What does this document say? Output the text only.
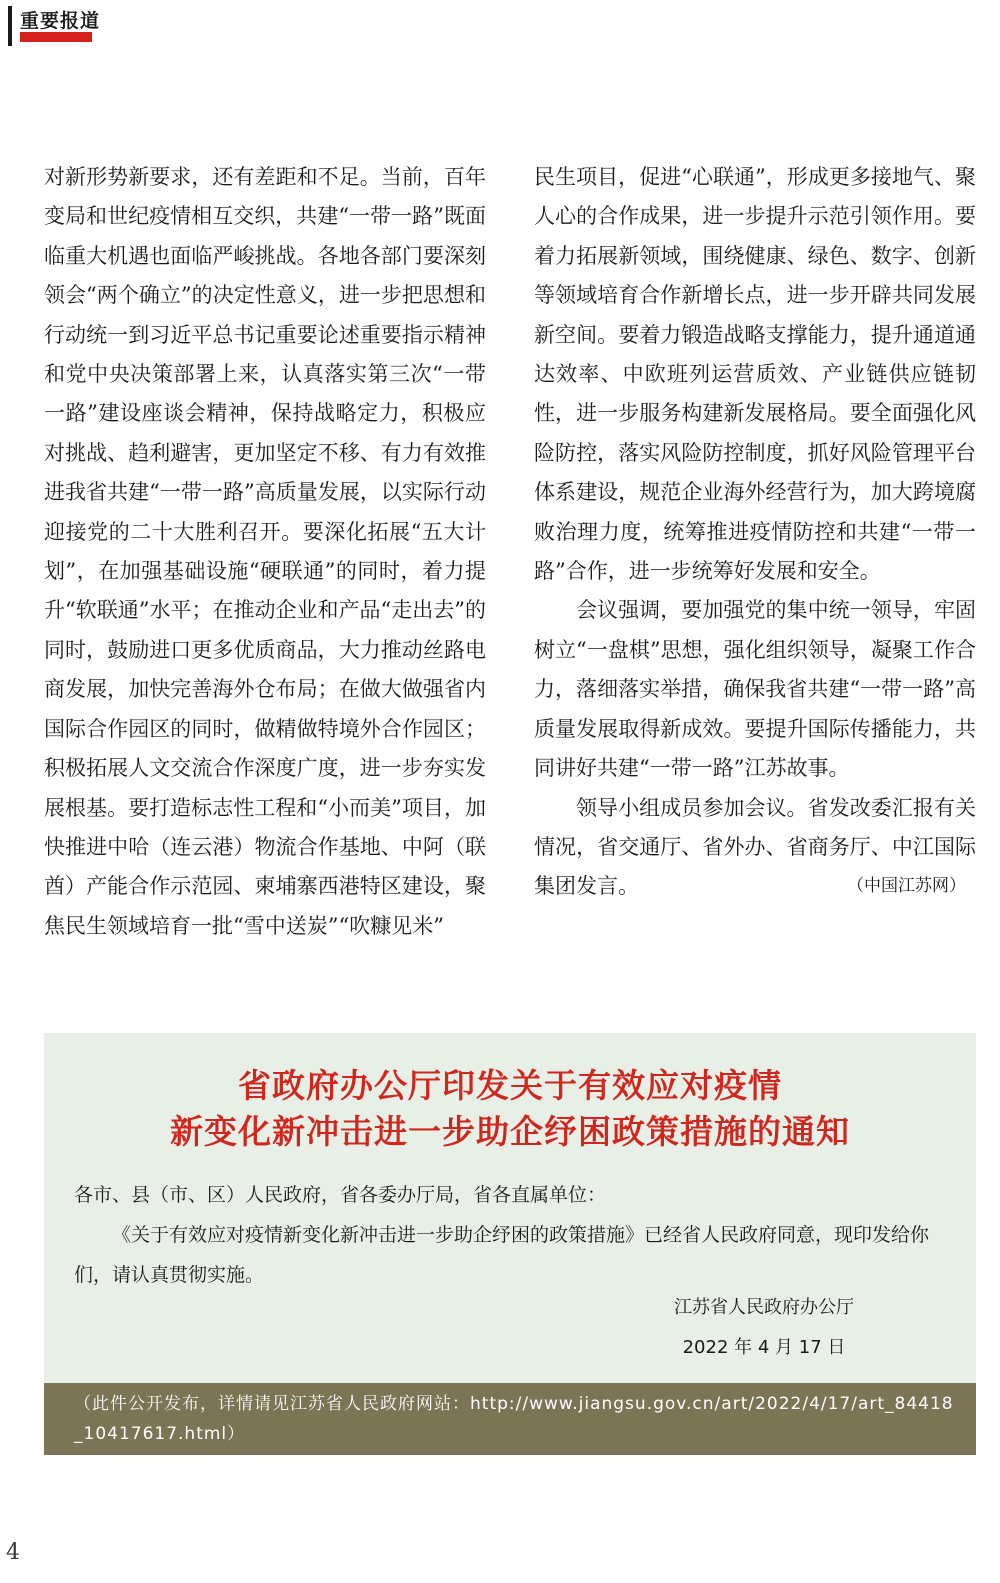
重要报道

对新形势新要求，还有差距和不足。当前，百年变局和世纪疫情相互交织，共建“一带一路”既面临重大机遇也面临严峻挑战。各地各部门要深刻领会“两个确立”的决定性意义，进一步把思想和行动统一到习近平总书记重要论述重要指示精神和党中央决策部署上来，认真落实第三次“一带一路”建设座谈会精神，保持战略定力，积极应对挑战、趋利避害，更加坚定不移、有力有效推进我省共建“一带一路”高质量发展，以实际行动迎接党的二十大胜利召开。要深化拓展“五大计划”，在加强基础设施“硬联通”的同时，着力提升“软联通”水平；在推动企业和产品“走出去”的同时，鼓励进口更多优质商品，大力推动丝路电商发展，加快完善海外仓布局；在做大做强省内国际合作园区的同时，做精做特境外合作园区；积极拓展人文交流合作深度广度，进一步夯实发展根基。要打造标志性工程和“小而美”项目，加快推进中哈（连云港）物流合作基地、中阿（联酋）产能合作示范园、柬埔寨西港特区建设，聚焦民生领域培育一批“雪中送炭”“吹糠见米”

民生项目，促进“心联通”，形成更多接地气、聚人心的合作成果，进一步提升示范引领作用。要着力拓展新领域，围绕健康、绿色、数字、创新等领域培育合作新增长点，进一步开辟共同发展新空间。要着力锻造战略支撑能力，提升通道通达效率、中欧班列运营质效、产业链供应链韧性，进一步服务构建新发展格局。要全面强化风险防控，落实风险防控制度，抓好风险管理平台体系建设，规范企业海外经营行为，加大跨境腐败治理力度，统筹推进疫情防控和共建“一带一路”合作，进一步统筹好发展和安全。

会议强调，要加强党的集中统一领导，牢固树立“一盘棋”思想，强化组织领导，凝聚工作合力，落细落实举措，确保我省共建“一带一路”高质量发展取得新成效。要提升国际传播能力，共同讲好共建“一带一路”江苏故事。

领导小组成员参加会议。省发改委汇报有关情况，省交通厅、省外办、省商务厅、中江国际集团发言。	（中国江苏网）

省政府办公厅印发关于有效应对疫情
新变化新冲击进一步助企纾困政策措施的通知

各市、县（市、区）人民政府，省各委办厅局，省各直属单位：

《关于有效应对疫情新变化新冲击进一步助企纾困的政策措施》已经省人民政府同意，现印发给你们，请认真贯彻实施。

江苏省人民政府办公厅
2022 年 4 月 17 日
（此件公开发布，详情请见江苏省人民政府网站：http://www.jiangsu.gov.cn/art/2022/4/17/art_84418_10417617.html）
4
